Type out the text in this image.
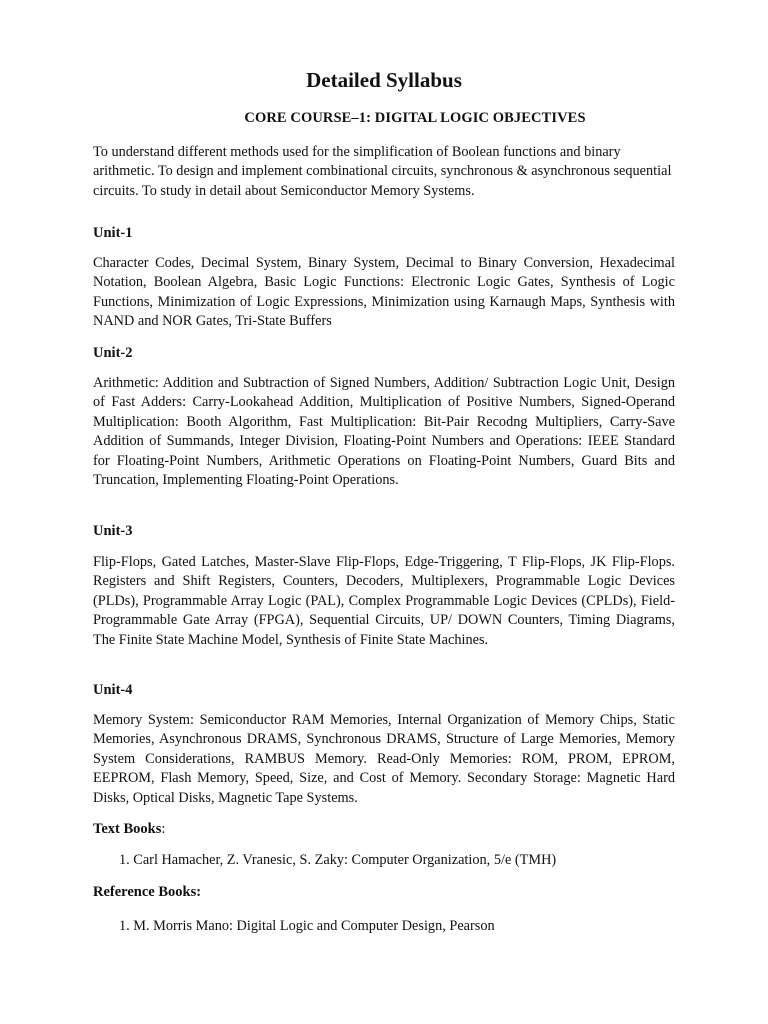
Detailed Syllabus
CORE COURSE–1: DIGITAL LOGIC OBJECTIVES

To understand different methods used for the simplification of Boolean functions and binary arithmetic. To design and implement combinational circuits, synchronous & asynchronous sequential circuits. To study in detail about Semiconductor Memory Systems.

Unit-1

Character Codes, Decimal System, Binary System, Decimal to Binary Conversion, Hexadecimal Notation, Boolean Algebra, Basic Logic Functions: Electronic Logic Gates, Synthesis of Logic Functions, Minimization of Logic Expressions, Minimization using Karnaugh Maps, Synthesis with NAND and NOR Gates, Tri-State Buffers

Unit-2

Arithmetic: Addition and Subtraction of Signed Numbers, Addition/ Subtraction Logic Unit, Design of Fast Adders: Carry-Lookahead Addition, Multiplication of Positive Numbers, Signed-Operand Multiplication: Booth Algorithm, Fast Multiplication: Bit-Pair Recodng Multipliers, Carry-Save Addition of Summands, Integer Division, Floating-Point Numbers and Operations: IEEE Standard for Floating-Point Numbers, Arithmetic Operations on Floating-Point Numbers, Guard Bits and Truncation, Implementing Floating-Point Operations.

Unit-3

Flip-Flops, Gated Latches, Master-Slave Flip-Flops, Edge-Triggering, T Flip-Flops, JK Flip-Flops. Registers and Shift Registers, Counters, Decoders, Multiplexers, Programmable Logic Devices (PLDs), Programmable Array Logic (PAL), Complex Programmable Logic Devices (CPLDs), Field-Programmable Gate Array (FPGA), Sequential Circuits, UP/ DOWN Counters, Timing Diagrams, The Finite State Machine Model, Synthesis of Finite State Machines.

Unit-4

Memory System: Semiconductor RAM Memories, Internal Organization of Memory Chips, Static Memories, Asynchronous DRAMS, Synchronous DRAMS, Structure of Large Memories, Memory System Considerations, RAMBUS Memory. Read-Only Memories: ROM, PROM, EPROM, EEPROM, Flash Memory, Speed, Size, and Cost of Memory. Secondary Storage: Magnetic Hard Disks, Optical Disks, Magnetic Tape Systems.

Text Books:

1. Carl Hamacher, Z. Vranesic, S. Zaky: Computer Organization, 5/e (TMH)

Reference Books:

1. M. Morris Mano: Digital Logic and Computer Design, Pearson
